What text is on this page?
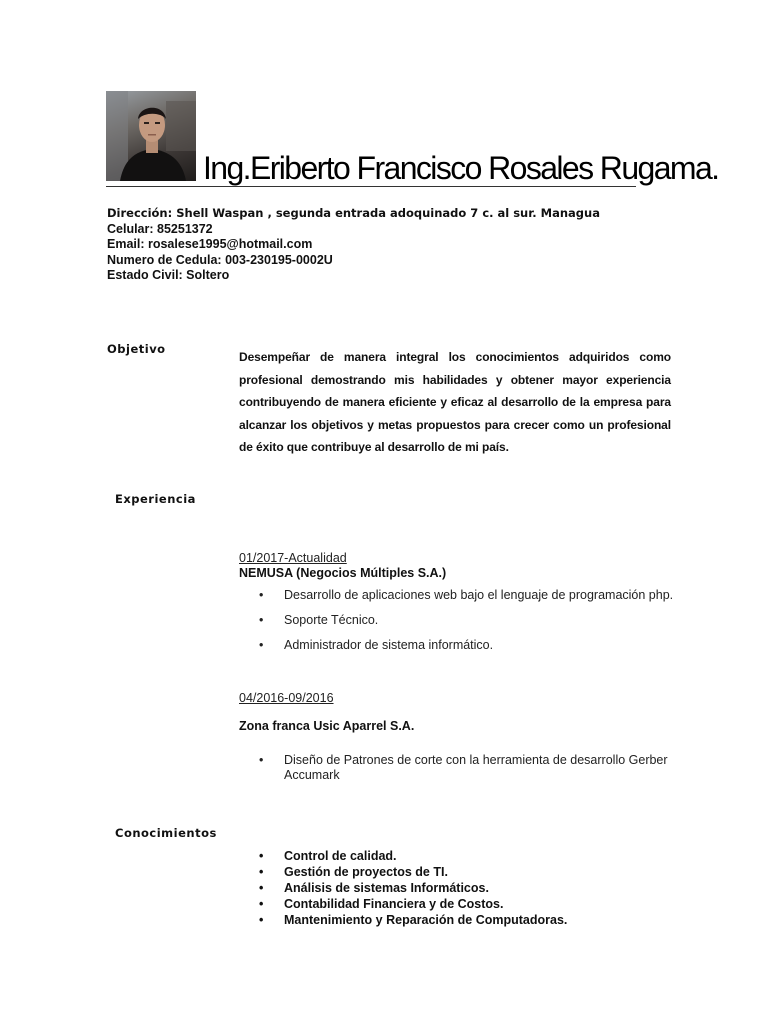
Ing.Eriberto Francisco Rosales Rugama.
Dirección: Shell Waspan , segunda entrada adoquinado 7 c. al sur. Managua
Celular: 85251372
Email: rosalese1995@hotmail.com
Numero de Cedula: 003-230195-0002U
Estado Civil: Soltero
Objetivo
Desempeñar de manera integral los conocimientos adquiridos como profesional demostrando mis habilidades y obtener mayor experiencia contribuyendo de manera eficiente y eficaz al desarrollo de la empresa para alcanzar los objetivos y metas propuestos para crecer como un profesional de éxito que contribuye al desarrollo de mi país.
Experiencia
01/2017-Actualidad
NEMUSA (Negocios Múltiples S.A.)
• Desarrollo de aplicaciones web bajo el lenguaje de programación php.
• Soporte Técnico.
• Administrador de sistema informático.
04/2016-09/2016
Zona franca Usic Aparrel S.A.
• Diseño de Patrones de corte con la herramienta de desarrollo Gerber Accumark
Conocimientos
• Control de calidad.
• Gestión de proyectos de TI.
• Análisis de sistemas Informáticos.
• Contabilidad Financiera y de Costos.
• Mantenimiento y Reparación de Computadoras.
